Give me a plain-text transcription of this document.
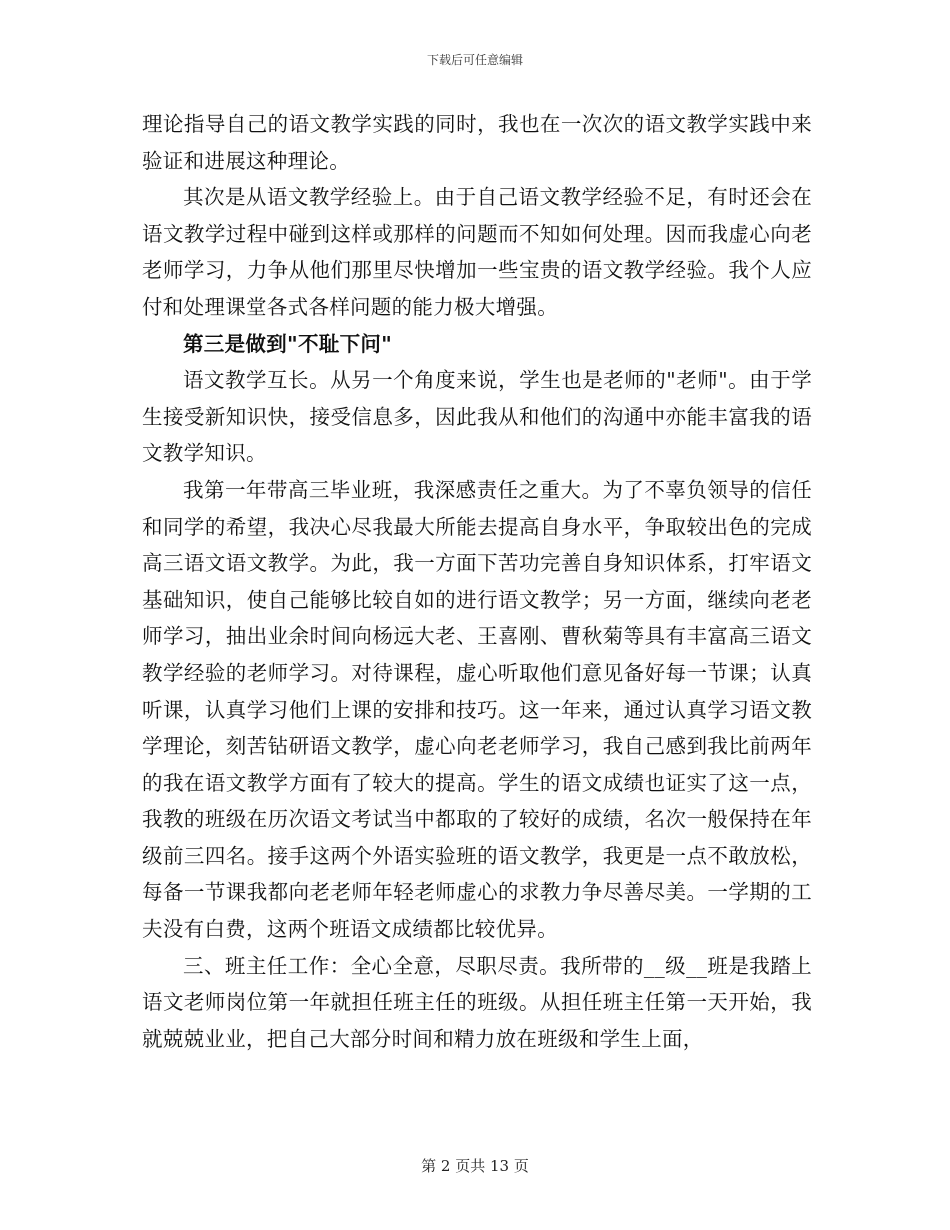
下载后可任意编辑

理论指导自己的语文教学实践的同时，我也在一次次的语文教学实践中来验证和进展这种理论。

其次是从语文教学经验上。由于自己语文教学经验不足，有时还会在语文教学过程中碰到这样或那样的问题而不知如何处理。因而我虚心向老老师学习，力争从他们那里尽快增加一些宝贵的语文教学经验。我个人应付和处理课堂各式各样问题的能力极大增强。

第三是做到"不耻下问"

语文教学互长。从另一个角度来说，学生也是老师的"老师"。由于学生接受新知识快，接受信息多，因此我从和他们的沟通中亦能丰富我的语文教学知识。

我第一年带高三毕业班，我深感责任之重大。为了不辜负领导的信任和同学的希望，我决心尽我最大所能去提高自身水平，争取较出色的完成高三语文语文教学。为此，我一方面下苦功完善自身知识体系，打牢语文基础知识，使自己能够比较自如的进行语文教学；另一方面，继续向老老师学习，抽出业余时间向杨远大老、王喜刚、曹秋菊等具有丰富高三语文教学经验的老师学习。对待课程，虚心听取他们意见备好每一节课；认真听课，认真学习他们上课的安排和技巧。这一年来，通过认真学习语文教学理论，刻苦钻研语文教学，虚心向老老师学习，我自己感到我比前两年的我在语文教学方面有了较大的提高。学生的语文成绩也证实了这一点，我教的班级在历次语文考试当中都取的了较好的成绩，名次一般保持在年级前三四名。接手这两个外语实验班的语文教学，我更是一点不敢放松，每备一节课我都向老老师年轻老师虚心的求教力争尽善尽美。一学期的工夫没有白费，这两个班语文成绩都比较优异。

三、班主任工作：全心全意，尽职尽责。我所带的__级__班是我踏上语文老师岗位第一年就担任班主任的班级。从担任班主任第一天开始，我就兢兢业业，把自己大部分时间和精力放在班级和学生上面，

第 2 页共 13 页
